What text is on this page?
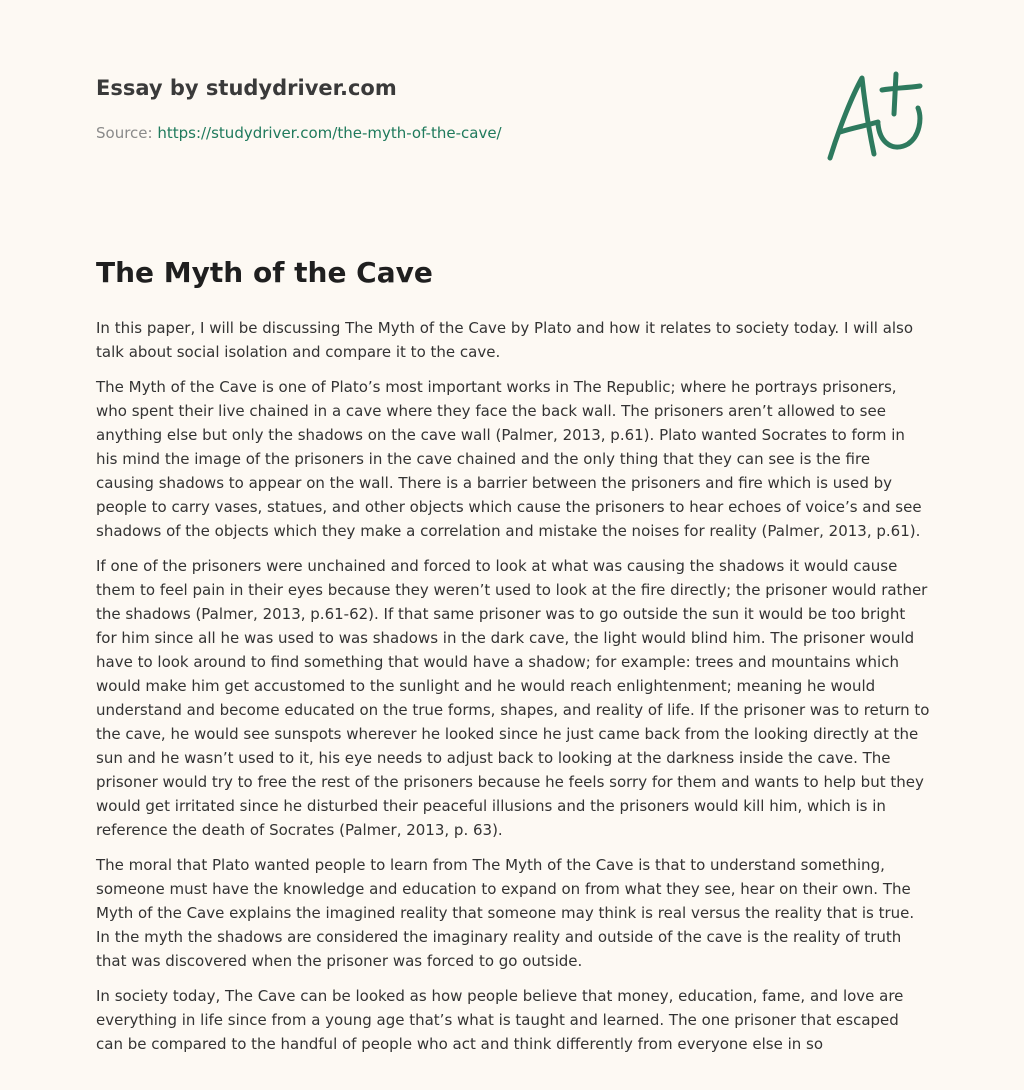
Essay by studydriver.com
Source: https://studydriver.com/the-myth-of-the-cave/
The Myth of the Cave

In this paper, I will be discussing The Myth of the Cave by Plato and how it relates to society today. I will also talk about social isolation and compare it to the cave.

The Myth of the Cave is one of Plato’s most important works in The Republic; where he portrays prisoners, who spent their live chained in a cave where they face the back wall. The prisoners aren’t allowed to see anything else but only the shadows on the cave wall (Palmer, 2013, p.61). Plato wanted Socrates to form in his mind the image of the prisoners in the cave chained and the only thing that they can see is the fire causing shadows to appear on the wall. There is a barrier between the prisoners and fire which is used by people to carry vases, statues, and other objects which cause the prisoners to hear echoes of voice’s and see shadows of the objects which they make a correlation and mistake the noises for reality (Palmer, 2013, p.61).

If one of the prisoners were unchained and forced to look at what was causing the shadows it would cause them to feel pain in their eyes because they weren’t used to look at the fire directly; the prisoner would rather the shadows (Palmer, 2013, p.61-62). If that same prisoner was to go outside the sun it would be too bright for him since all he was used to was shadows in the dark cave, the light would blind him. The prisoner would have to look around to find something that would have a shadow; for example: trees and mountains which would make him get accustomed to the sunlight and he would reach enlightenment; meaning he would understand and become educated on the true forms, shapes, and reality of life. If the prisoner was to return to the cave, he would see sunspots wherever he looked since he just came back from the looking directly at the sun and he wasn’t used to it, his eye needs to adjust back to looking at the darkness inside the cave. The prisoner would try to free the rest of the prisoners because he feels sorry for them and wants to help but they would get irritated since he disturbed their peaceful illusions and the prisoners would kill him, which is in reference the death of Socrates (Palmer, 2013, p. 63).

The moral that Plato wanted people to learn from The Myth of the Cave is that to understand something, someone must have the knowledge and education to expand on from what they see, hear on their own. The Myth of the Cave explains the imagined reality that someone may think is real versus the reality that is true. In the myth the shadows are considered the imaginary reality and outside of the cave is the reality of truth that was discovered when the prisoner was forced to go outside.

In society today, The Cave can be looked as how people believe that money, education, fame, and love are everything in life since from a young age that’s what is taught and learned. The one prisoner that escaped can be compared to the handful of people who act and think differently from everyone else in so
